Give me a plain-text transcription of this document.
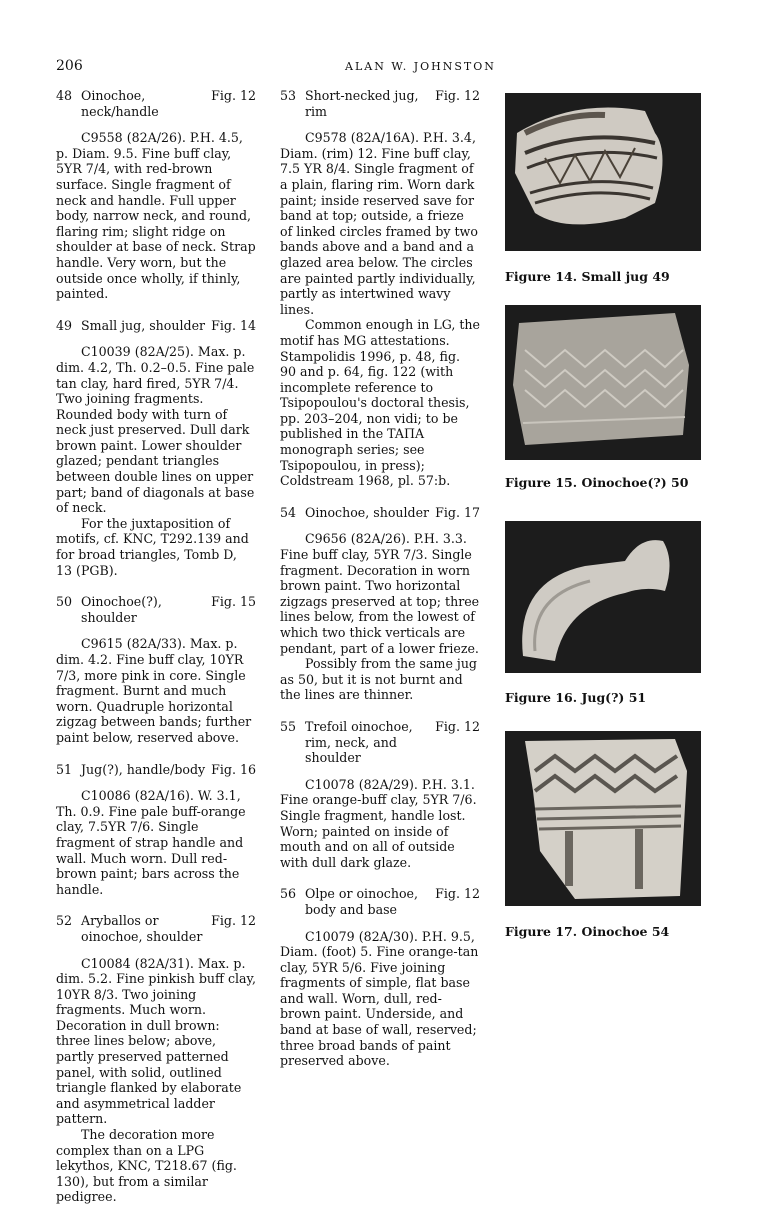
206	ALAN W. JOHNSTON
48 Oinochoe, neck/handle
Fig. 12

C9558 (82A/26). P.H. 4.5, p. Diam. 9.5. Fine buff clay, 5YR 7/4, with red-brown surface. Single fragment of neck and handle. Full upper body, narrow neck, and round, flaring rim; slight ridge on shoulder at base of neck. Strap handle. Very worn, but the outside once wholly, if thinly, painted.

49 Small jug, shoulder Fig. 14

C10039 (82A/25). Max. p. dim. 4.2, Th. 0.2–0.5. Fine pale tan clay, hard fired, 5YR 7/4. Two joining fragments. Rounded body with turn of neck just preserved. Dull dark brown paint. Lower shoulder glazed; pendant triangles between double lines on upper part; band of diagonals at base of neck.

For the juxtaposition of motifs, cf. KNC, T292.139 and for broad triangles, Tomb D, 13 (PGB).

50 Oinochoe(?), shoulder
Fig. 15

C9615 (82A/33). Max. p. dim. 4.2. Fine buff clay, 10YR 7/3, more pink in core. Single fragment. Burnt and much worn. Quadruple horizontal zigzag between bands; further paint below, reserved above.

51 Jug(?), handle/body Fig. 16

C10086 (82A/16). W. 3.1, Th. 0.9. Fine pale buff-orange clay, 7.5YR 7/6. Single fragment of strap handle and wall. Much worn. Dull red-brown paint; bars across the handle.

52 Aryballos or oinochoe, shoulder
Fig. 12

C10084 (82A/31). Max. p. dim. 5.2. Fine pinkish buff clay, 10YR 8/3. Two joining fragments. Much worn. Decoration in dull brown: three lines below; above, partly preserved patterned panel, with solid, outlined triangle flanked by elaborate and asymmetrical ladder pattern.

The decoration more complex than on a LPG lekythos, KNC, T218.67 (fig. 130), but from a similar pedigree.

53 Short-necked jug, rim
Fig. 12

C9578 (82A/16A). P.H. 3.4, Diam. (rim) 12. Fine buff clay, 7.5 YR 8/4. Single fragment of a plain, flaring rim. Worn dark paint; inside reserved save for band at top; outside, a frieze of linked circles framed by two bands above and a band and a glazed area below. The circles are painted partly individually, partly as intertwined wavy lines.

Common enough in LG, the motif has MG attestations. Stampolidis 1996, p. 48, fig. 90 and p. 64, fig. 122 (with incomplete reference to Tsipopoulou's doctoral thesis, pp. 203–204, non vidi; to be published in the TAΠA monograph series; see Tsipopoulou, in press); Coldstream 1968, pl. 57:b.

54 Oinochoe, shoulder Fig. 17

C9656 (82A/26). P.H. 3.3. Fine buff clay, 5YR 7/3. Single fragment. Decoration in worn brown paint. Two horizontal zigzags preserved at top; three lines below, from the lowest of which two thick verticals are pendant, part of a lower frieze.

Possibly from the same jug as 50, but it is not burnt and the lines are thinner.

55 Trefoil oinochoe, rim, neck, and shoulder
Fig. 12

C10078 (82A/29). P.H. 3.1. Fine orange-buff clay, 5YR 7/6. Single fragment, handle lost. Worn; painted on inside of mouth and on all of outside with dull dark glaze.

56 Olpe or oinochoe, body and base
Fig. 12

C10079 (82A/30). P.H. 9.5, Diam. (foot) 5. Fine orange-tan clay, 5YR 5/6. Five joining fragments of simple, flat base and wall. Worn, dull, red-brown paint. Underside, and band at base of wall, reserved; three broad bands of paint preserved above.

Figure 14. Small jug 49
Figure 15. Oinochoe(?) 50
Figure 16. Jug(?) 51
Figure 17. Oinochoe 54
